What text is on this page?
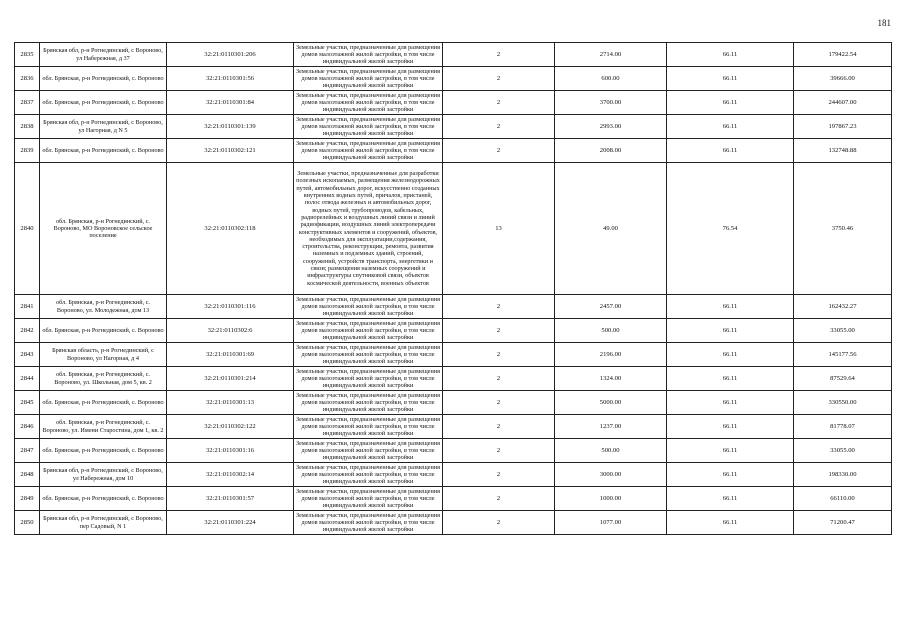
181
2835	Брянская обл, р-н Рогнединский, с Вороново, ул Набережная, д 37	32:21:0110301:206	Земельные участки, предназначенные для размещения домов малоэтажной жилой застройки, в том числе индивидуальной жилой застройки	2	2714.00	66.11	179422.54
2836	обл. Брянская, р-н Рогнединский, с. Вороново	32:21:0110301:56	Земельные участки, предназначенные для размещения домов малоэтажной жилой застройки, в том числе индивидуальной жилой застройки	2	600.00	66.11	39666.00
2837	обл. Брянская, р-н Рогнединский, с. Вороново	32:21:0110301:84	Земельные участки, предназначенные для размещения домов малоэтажной жилой застройки, в том числе индивидуальной жилой застройки	2	3700.00	66.11	244607.00
2838	Брянская обл, р-н Рогнединский, с Вороново, ул Нагорная, д N 5	32:21:0110301:139	Земельные участки, предназначенные для размещения домов малоэтажной жилой застройки, в том числе индивидуальной жилой застройки	2	2993.00	66.11	197867.23
2839	обл. Брянская, р-н Рогнединский, с. Вороново	32:21:0110302:121	Земельные участки, предназначенные для размещения домов малоэтажной жилой застройки, в том числе индивидуальной жилой застройки	2	2008.00	66.11	132748.88
2840	обл. Брянская, р-н Рогнединский, с. Вороново, МО Вороновское сельское поселение	32:21:0110302:118	Земельные участки, предназначенные для разработки полезных ископаемых, размещения железнодорожных путей, автомобильных дорог, искусственно созданных внутренних водных путей, причалов, пристаней, полос отвода железных и автомобильных дорог, водных путей, трубопроводов, кабельных, радиорелейных и воздушных линий связи и линий радиофикации, воздушных линий электропередачи конструктивных элементов и сооружений, объектов, необходимых для эксплуатации,содержания, строительства, реконструкции, ремонта, развития наземных и подземных зданий, строений, сооружений, устройств транспорта, энергетики и связи; размещения наземных сооружений и инфраструктуры спутниковой связи, объектов космической деятельности, военных объектов	13	49.00	76.54	3750.46
2841	обл. Брянская, р-н Рогнединский, с. Вороново, ул. Молодежная, дом 13	32:21:0110301:116	Земельные участки, предназначенные для размещения домов малоэтажной жилой застройки, в том числе индивидуальной жилой застройки	2	2457.00	66.11	162432.27
2842	обл. Брянская, р-н Рогнединский, с. Вороново	32:21:0110302:6	Земельные участки, предназначенные для размещения домов малоэтажной жилой застройки, в том числе индивидуальной жилой застройки	2	500.00	66.11	33055.00
2843	Брянская область, р-н Рогнединский, с Вороново, ул Нагорная, д 4	32:21:0110301:69	Земельные участки, предназначенные для размещения домов малоэтажной жилой застройки, в том числе индивидуальной жилой застройки	2	2196.00	66.11	145177.56
2844	обл. Брянская, р-н Рогнединский, с. Вороново, ул. Школьная, дом 5, кв. 2	32:21:0110301:214	Земельные участки, предназначенные для размещения домов малоэтажной жилой застройки, в том числе индивидуальной жилой застройки	2	1324.00	66.11	87529.64
2845	обл. Брянская, р-н Рогнединский, с. Вороново	32:21:0110301:13	Земельные участки, предназначенные для размещения домов малоэтажной жилой застройки, в том числе индивидуальной жилой застройки	2	5000.00	66.11	330550.00
2846	обл. Брянская, р-н Рогнединский, с. Вороново, ул. Имени Старостина, дом 1, кв. 2	32:21:0110302:122	Земельные участки, предназначенные для размещения домов малоэтажной жилой застройки, в том числе индивидуальной жилой застройки	2	1237.00	66.11	81778.07
2847	обл. Брянская, р-н Рогнединский, с. Вороново	32:21:0110301:16	Земельные участки, предназначенные для размещения домов малоэтажной жилой застройки, в том числе индивидуальной жилой застройки	2	500.00	66.11	33055.00
2848	Брянская обл, р-н Рогнединский, с Вороново, ул Набережная, дом 10	32:21:0110302:14	Земельные участки, предназначенные для размещения домов малоэтажной жилой застройки, в том числе индивидуальной жилой застройки	2	3000.00	66.11	198330.00
2849	обл. Брянская, р-н Рогнединский, с. Вороново	32:21:0110301:57	Земельные участки, предназначенные для размещения домов малоэтажной жилой застройки, в том числе индивидуальной жилой застройки	2	1000.00	66.11	66110.00
2850	Брянская обл, р-н Рогнединский, с Вороново, пер Садовый, N 1	32:21:0110301:224	Земельные участки, предназначенные для размещения домов малоэтажной жилой застройки, в том числе индивидуальной жилой застройки	2	1077.00	66.11	71200.47
